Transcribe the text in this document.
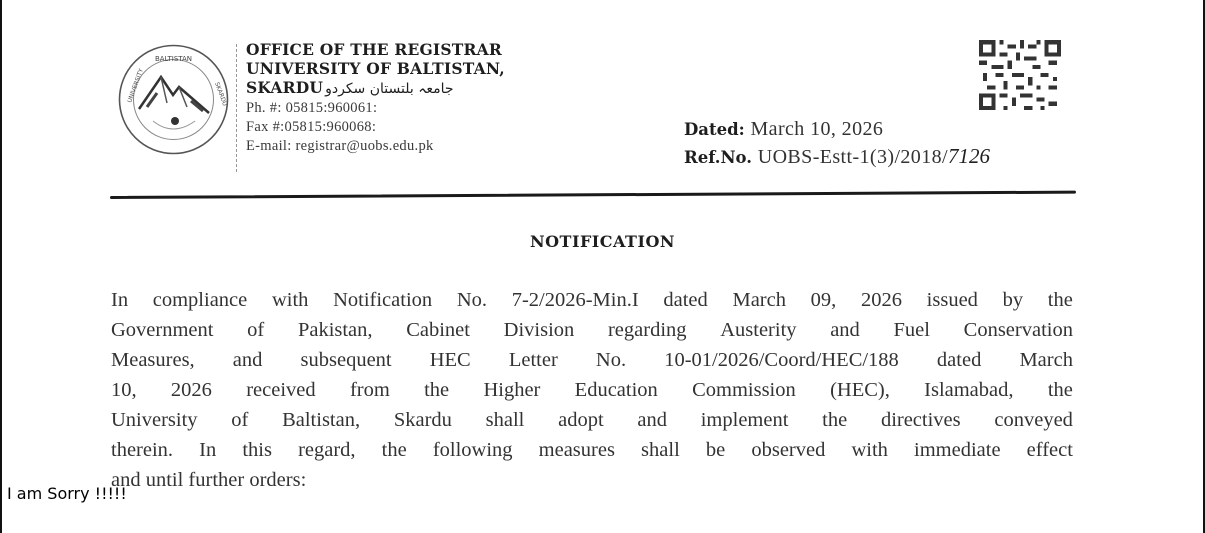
BALTISTAN
UNIVERSITY	SKARDU
OFFICE OF THE REGISTRAR
UNIVERSITY OF BALTISTAN,
SKARDU جامعہ بلتستان سکردو
Ph. #: 05815:960061:
Fax #:05815:960068:
E-mail: registrar@uobs.edu.pk
Dated: March 10, 2026
Ref.No. UOBS-Estt-1(3)/2018/7126
NOTIFICATION
In compliance with Notification No. 7-2/2026-Min.I dated March 09, 2026 issued by the
Government of Pakistan, Cabinet Division regarding Austerity and Fuel Conservation
Measures, and subsequent HEC Letter No. 10-01/2026/Coord/HEC/188 dated March
10, 2026 received from the Higher Education Commission (HEC), Islamabad, the
University of Baltistan, Skardu shall adopt and implement the directives conveyed
therein. In this regard, the following measures shall be observed with immediate effect
and until further orders:
I am Sorry !!!!!
